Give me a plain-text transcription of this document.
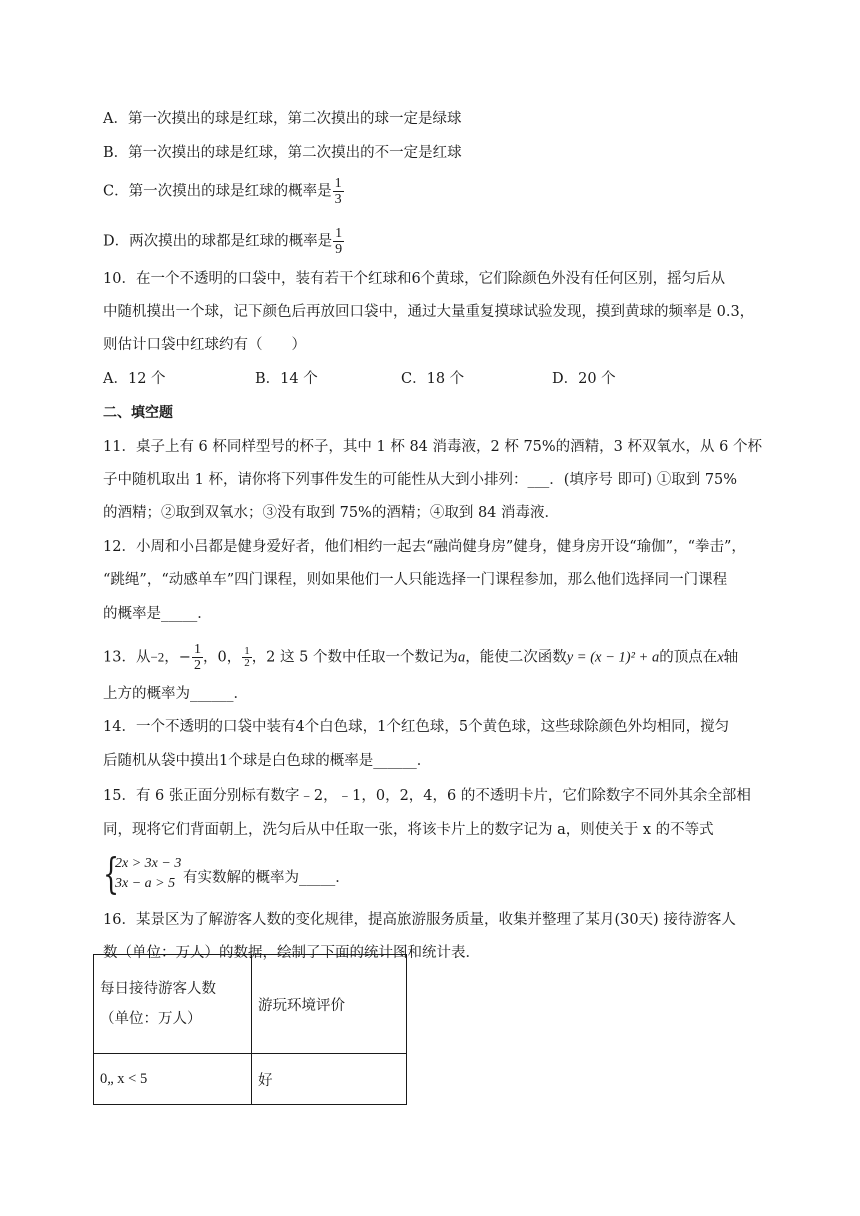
A．第一次摸出的球是红球，第二次摸出的球一定是绿球
B．第一次摸出的球是红球，第二次摸出的不一定是红球
C．第一次摸出的球是红球的概率是 $\frac{1}{3}$
D．两次摸出的球都是红球的概率是 $\frac{1}{9}$
10．在一个不透明的口袋中，装有若干个红球和6个黄球，它们除颜色外没有任何区别，摇匀后从
中随机摸出一个球，记下颜色后再放回口袋中，通过大量重复摸球试验发现，摸到黄球的频率是 0.3，
则估计口袋中红球约有（　　）
A．12 个	B．14 个	C．18 个	D．20 个
二、填空题
11．桌子上有 6 杯同样型号的杯子，其中 1 杯 84 消毒液，2 杯 75%的酒精，3 杯双氧水，从 6 个杯
子中随机取出 1 杯，请你将下列事件发生的可能性从大到小排列：___．(填序号 即可) ①取到 75%
的酒精；②取到双氧水；③没有取到 75%的酒精；④取到 84 消毒液．
12．小周和小吕都是健身爱好者，他们相约一起去“融尚健身房”健身，健身房开设“瑜伽”，“拳击”，
“跳绳”，“动感单车”四门课程，则如果他们一人只能选择一门课程参加，那么他们选择同一门课程
的概率是_____．
13．从−2，− $\frac{1}{2}$ ，0， $\frac{1}{2}$ ，2 这 5 个数中任取一个数记为a，能使二次函数y = (x − 1)² + a的顶点在x轴
上方的概率为______．
14．一个不透明的口袋中装有4个白色球，1个红色球，5个黄色球，这些球除颜色外均相同，搅匀
后随机从袋中摸出1个球是白色球的概率是______．
15．有 6 张正面分别标有数字﹣2，﹣1，0，2，4，6 的不透明卡片，它们除数字不同外其余全部相
同，现将它们背面朝上，洗匀后从中任取一张，将该卡片上的数字记为 a，则使关于 x 的不等式
{
2x > 3x − 3
3x − a > 5 有实数解的概率为_____．
16．某景区为了解游客人数的变化规律，提高旅游服务质量，收集并整理了某月(30天) 接待游客人
数（单位：万人）的数据，绘制了下面的统计图和统计表．
每日接待游客人数
（单位：万人）	游玩环境评价
0„ x < 5	好
